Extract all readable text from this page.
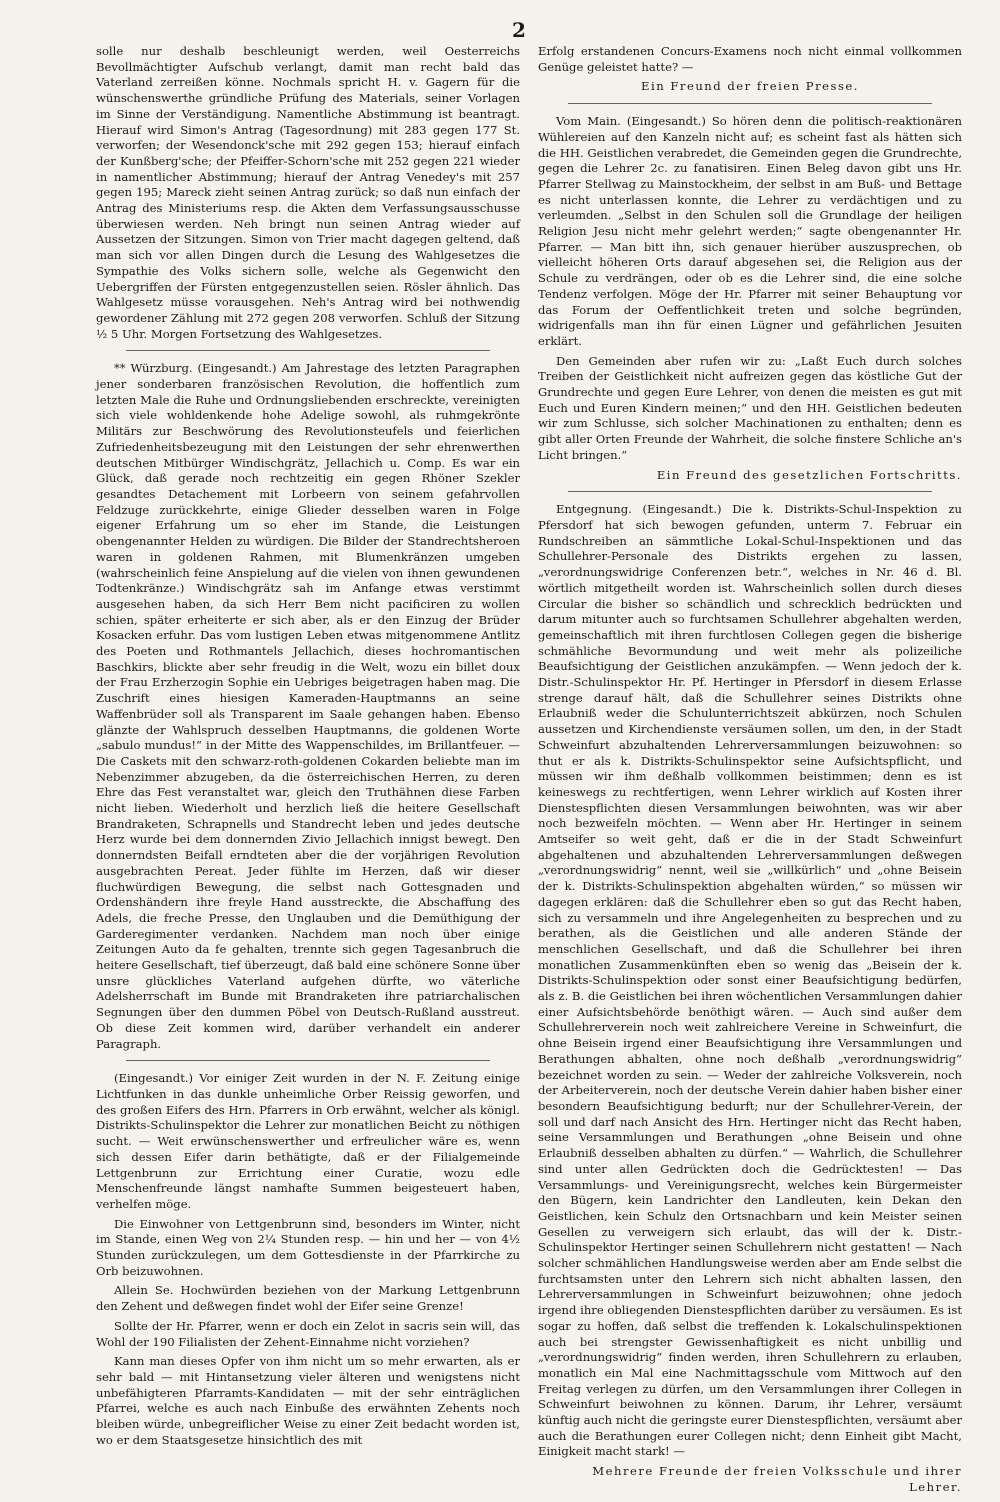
2

solle nur deshalb beschleunigt werden, weil Oesterreichs Bevollmächtigter Aufschub verlangt, damit man recht bald das Vaterland zerreißen könne. Nochmals spricht H. v. Gagern für die wünschenswerthe gründliche Prüfung des Materials, seiner Vorlagen im Sinne der Verständigung. Namentliche Abstimmung ist beantragt. Hierauf wird Simon's Antrag (Tagesordnung) mit 283 gegen 177 St. verworfen; der Wesendonck'sche mit 292 gegen 153; hierauf einfach der Kunßberg'sche; der Pfeiffer-Schorn'sche mit 252 gegen 221 wieder in namentlicher Abstimmung; hierauf der Antrag Venedey's mit 257 gegen 195; Mareck zieht seinen Antrag zurück; so daß nun einfach der Antrag des Ministeriums resp. die Akten dem Verfassungsausschusse überwiesen werden. Neh bringt nun seinen Antrag wieder auf Aussetzen der Sitzungen. Simon von Trier macht dagegen geltend, daß man sich vor allen Dingen durch die Lesung des Wahlgesetzes die Sympathie des Volks sichern solle, welche als Gegenwicht den Uebergriffen der Fürsten entgegenzustellen seien. Rösler ähnlich. Das Wahlgesetz müsse vorausgehen. Neh's Antrag wird bei nothwendig gewordener Zählung mit 272 gegen 208 verworfen. Schluß der Sitzung ½ 5 Uhr. Morgen Fortsetzung des Wahlgesetzes.

** Würzburg. (Eingesandt.) Am Jahrestage des letzten Paragraphen jener sonderbaren französischen Revolution, die hoffentlich zum letzten Male die Ruhe und Ordnungsliebenden erschreckte, vereinigten sich viele wohldenkende hohe Adelige sowohl, als ruhmgekrönte Militärs zur Beschwörung des Revolutionsteufels und feierlichen Zufriedenheitsbezeugung mit den Leistungen der sehr ehrenwerthen deutschen Mitbürger Windischgrätz, Jellachich u. Comp. Es war ein Glück, daß gerade noch rechtzeitig ein gegen Rhöner Szekler gesandtes Detachement mit Lorbeern von seinem gefahrvollen Feldzuge zurückkehrte, einige Glieder desselben waren in Folge eigener Erfahrung um so eher im Stande, die Leistungen obengenannter Helden zu würdigen. Die Bilder der Standrechtsheroen waren in goldenen Rahmen, mit Blumenkränzen umgeben (wahrscheinlich feine Anspielung auf die vielen von ihnen gewundenen Todtenkränze.) Windischgrätz sah im Anfange etwas verstimmt ausgesehen haben, da sich Herr Bem nicht pacificiren zu wollen schien, später erheiterte er sich aber, als er den Einzug der Brüder Kosacken erfuhr. Das vom lustigen Leben etwas mitgenommene Antlitz des Poeten und Rothmantels Jellachich, dieses hochromantischen Baschkirs, blickte aber sehr freudig in die Welt, wozu ein billet doux der Frau Erzherzogin Sophie ein Uebriges beigetragen haben mag. Die Zuschrift eines hiesigen Kameraden-Hauptmanns an seine Waffenbrüder soll als Transparent im Saale gehangen haben. Ebenso glänzte der Wahlspruch desselben Hauptmanns, die goldenen Worte „sabulo mundus!“ in der Mitte des Wappenschildes, im Brillantfeuer. — Die Caskets mit den schwarz-roth-goldenen Cokarden beliebte man im Nebenzimmer abzugeben, da die österreichischen Herren, zu deren Ehre das Fest veranstaltet war, gleich den Truthähnen diese Farben nicht lieben. Wiederholt und herzlich ließ die heitere Gesellschaft Brandraketen, Schrapnells und Standrecht leben und jedes deutsche Herz wurde bei dem donnernden Zivio Jellachich innigst bewegt. Den donnerndsten Beifall erndteten aber die der vorjährigen Revolution ausgebrachten Pereat. Jeder fühlte im Herzen, daß wir dieser fluchwürdigen Bewegung, die selbst nach Gottesgnaden und Ordenshändern ihre freyle Hand ausstreckte, die Abschaffung des Adels, die freche Presse, den Unglauben und die Demüthigung der Garderegimenter verdanken. Nachdem man noch über einige Zeitungen Auto da fe gehalten, trennte sich gegen Tagesanbruch die heitere Gesellschaft, tief überzeugt, daß bald eine schönere Sonne über unsre glückliches Vaterland aufgehen dürfte, wo väterliche Adelsherrschaft im Bunde mit Brandraketen ihre patriarchalischen Segnungen über den dummen Pöbel von Deutsch-Rußland ausstreut. Ob diese Zeit kommen wird, darüber verhandelt ein anderer Paragraph.

(Eingesandt.) Vor einiger Zeit wurden in der N. F. Zeitung einige Lichtfunken in das dunkle unheimliche Orber Reissig geworfen, und des großen Eifers des Hrn. Pfarrers in Orb erwähnt, welcher als königl. Distrikts-Schulinspektor die Lehrer zur monatlichen Beicht zu nöthigen sucht. — Weit erwünschenswerther und erfreulicher wäre es, wenn sich dessen Eifer darin bethätigte, daß er der Filialgemeinde Lettgenbrunn zur Errichtung einer Curatie, wozu edle Menschenfreunde längst namhafte Summen beigesteuert haben, verhelfen möge.

Die Einwohner von Lettgenbrunn sind, besonders im Winter, nicht im Stande, einen Weg von 2¼ Stunden resp. — hin und her — von 4½ Stunden zurückzulegen, um dem Gottesdienste in der Pfarrkirche zu Orb beizuwohnen.

Allein Se. Hochwürden beziehen von der Markung Lettgenbrunn den Zehent und deßwegen findet wohl der Eifer seine Grenze!

Sollte der Hr. Pfarrer, wenn er doch ein Zelot in sacris sein will, das Wohl der 190 Filialisten der Zehent-Einnahme nicht vorziehen?

Kann man dieses Opfer von ihm nicht um so mehr erwarten, als er sehr bald — mit Hintansetzung vieler älteren und wenigstens nicht unbefähigteren Pfarramts-Kandidaten — mit der sehr einträglichen Pfarrei, welche es auch nach Einbuße des erwähnten Zehents noch bleiben würde, unbegreiflicher Weise zu einer Zeit bedacht worden ist, wo er dem Staatsgesetze hinsichtlich des mit

Erfolg erstandenen Concurs-Examens noch nicht einmal vollkommen Genüge geleistet hatte? —

Ein Freund der freien Presse.

Vom Main. (Eingesandt.) So hören denn die politisch-reaktionären Wühlereien auf den Kanzeln nicht auf; es scheint fast als hätten sich die HH. Geistlichen verabredet, die Gemeinden gegen die Grundrechte, gegen die Lehrer 2c. zu fanatisiren. Einen Beleg davon gibt uns Hr. Pfarrer Stellwag zu Mainstockheim, der selbst in am Buß- und Bettage es nicht unterlassen konnte, die Lehrer zu verdächtigen und zu verleumden. „Selbst in den Schulen soll die Grundlage der heiligen Religion Jesu nicht mehr gelehrt werden;“ sagte obengenannter Hr. Pfarrer. — Man bitt ihn, sich genauer hierüber auszusprechen, ob vielleicht höheren Orts darauf abgesehen sei, die Religion aus der Schule zu verdrängen, oder ob es die Lehrer sind, die eine solche Tendenz verfolgen. Möge der Hr. Pfarrer mit seiner Behauptung vor das Forum der Oeffentlichkeit treten und solche begründen, widrigenfalls man ihn für einen Lügner und gefährlichen Jesuiten erklärt.

Den Gemeinden aber rufen wir zu: „Laßt Euch durch solches Treiben der Geistlichkeit nicht aufreizen gegen das köstliche Gut der Grundrechte und gegen Eure Lehrer, von denen die meisten es gut mit Euch und Euren Kindern meinen;“ und den HH. Geistlichen bedeuten wir zum Schlusse, sich solcher Machinationen zu enthalten; denn es gibt aller Orten Freunde der Wahrheit, die solche finstere Schliche an's Licht bringen.“

Ein Freund des gesetzlichen Fortschritts.

Entgegnung. (Eingesandt.) Die k. Distrikts-Schul-Inspektion zu Pfersdorf hat sich bewogen gefunden, unterm 7. Februar ein Rundschreiben an sämmtliche Lokal-Schul-Inspektionen und das Schullehrer-Personale des Distrikts ergehen zu lassen, „verordnungswidrige Conferenzen betr.“, welches in Nr. 46 d. Bl. wörtlich mitgetheilt worden ist. Wahrscheinlich sollen durch dieses Circular die bisher so schändlich und schrecklich bedrückten und darum mitunter auch so furchtsamen Schullehrer abgehalten werden, gemeinschaftlich mit ihren furchtlosen Collegen gegen die bisherige schmähliche Bevormundung und weit mehr als polizeiliche Beaufsichtigung der Geistlichen anzukämpfen. — Wenn jedoch der k. Distr.-Schulinspektor Hr. Pf. Hertinger in Pfersdorf in diesem Erlasse strenge darauf hält, daß die Schullehrer seines Distrikts ohne Erlaubniß weder die Schulunterrichtszeit abkürzen, noch Schulen aussetzen und Kirchendienste versäumen sollen, um den, in der Stadt Schweinfurt abzuhaltenden Lehrerversammlungen beizuwohnen: so thut er als k. Distrikts-Schulinspektor seine Aufsichtspflicht, und müssen wir ihm deßhalb vollkommen beistimmen; denn es ist keineswegs zu rechtfertigen, wenn Lehrer wirklich auf Kosten ihrer Dienstespflichten diesen Versammlungen beiwohnten, was wir aber noch bezweifeln möchten. — Wenn aber Hr. Hertinger in seinem Amtseifer so weit geht, daß er die in der Stadt Schweinfurt abgehaltenen und abzuhaltenden Lehrerversammlungen deßwegen „verordnungswidrig“ nennt, weil sie „willkürlich“ und „ohne Beisein der k. Distrikts-Schulinspektion abgehalten würden,“ so müssen wir dagegen erklären: daß die Schullehrer eben so gut das Recht haben, sich zu versammeln und ihre Angelegenheiten zu besprechen und zu berathen, als die Geistlichen und alle anderen Stände der menschlichen Gesellschaft, und daß die Schullehrer bei ihren monatlichen Zusammenkünften eben so wenig das „Beisein der k. Distrikts-Schulinspektion oder sonst einer Beaufsichtigung bedürfen, als z. B. die Geistlichen bei ihren wöchentlichen Versammlungen dahier einer Aufsichtsbehörde benöthigt wären. — Auch sind außer dem Schullehrerverein noch weit zahlreichere Vereine in Schweinfurt, die ohne Beisein irgend einer Beaufsichtigung ihre Versammlungen und Berathungen abhalten, ohne noch deßhalb „verordnungswidrig“ bezeichnet worden zu sein. — Weder der zahlreiche Volksverein, noch der Arbeiterverein, noch der deutsche Verein dahier haben bisher einer besondern Beaufsichtigung bedurft; nur der Schullehrer-Verein, der soll und darf nach Ansicht des Hrn. Hertinger nicht das Recht haben, seine Versammlungen und Berathungen „ohne Beisein und ohne Erlaubniß desselben abhalten zu dürfen.“ — Wahrlich, die Schullehrer sind unter allen Gedrückten doch die Gedrücktesten! — Das Versammlungs- und Vereinigungsrecht, welches kein Bürgermeister den Bügern, kein Landrichter den Landleuten, kein Dekan den Geistlichen, kein Schulz den Ortsnachbarn und kein Meister seinen Gesellen zu verweigern sich erlaubt, das will der k. Distr.-Schulinspektor Hertinger seinen Schullehrern nicht gestatten! — Nach solcher schmählichen Handlungsweise werden aber am Ende selbst die furchtsamsten unter den Lehrern sich nicht abhalten lassen, den Lehrerversammlungen in Schweinfurt beizuwohnen; ohne jedoch irgend ihre obliegenden Dienstespflichten darüber zu versäumen. Es ist sogar zu hoffen, daß selbst die treffenden k. Lokalschulinspektionen auch bei strengster Gewissenhaftigkeit es nicht unbillig und „verordnungswidrig“ finden werden, ihren Schullehrern zu erlauben, monatlich ein Mal eine Nachmittagsschule vom Mittwoch auf den Freitag verlegen zu dürfen, um den Versammlungen ihrer Collegen in Schweinfurt beiwohnen zu können. Darum, ihr Lehrer, versäumt künftig auch nicht die geringste eurer Dienstespflichten, versäumt aber auch die Berathungen eurer Collegen nicht; denn Einheit gibt Macht, Einigkeit macht stark! —

Mehrere Freunde der freien Volksschule und ihrer Lehrer.
